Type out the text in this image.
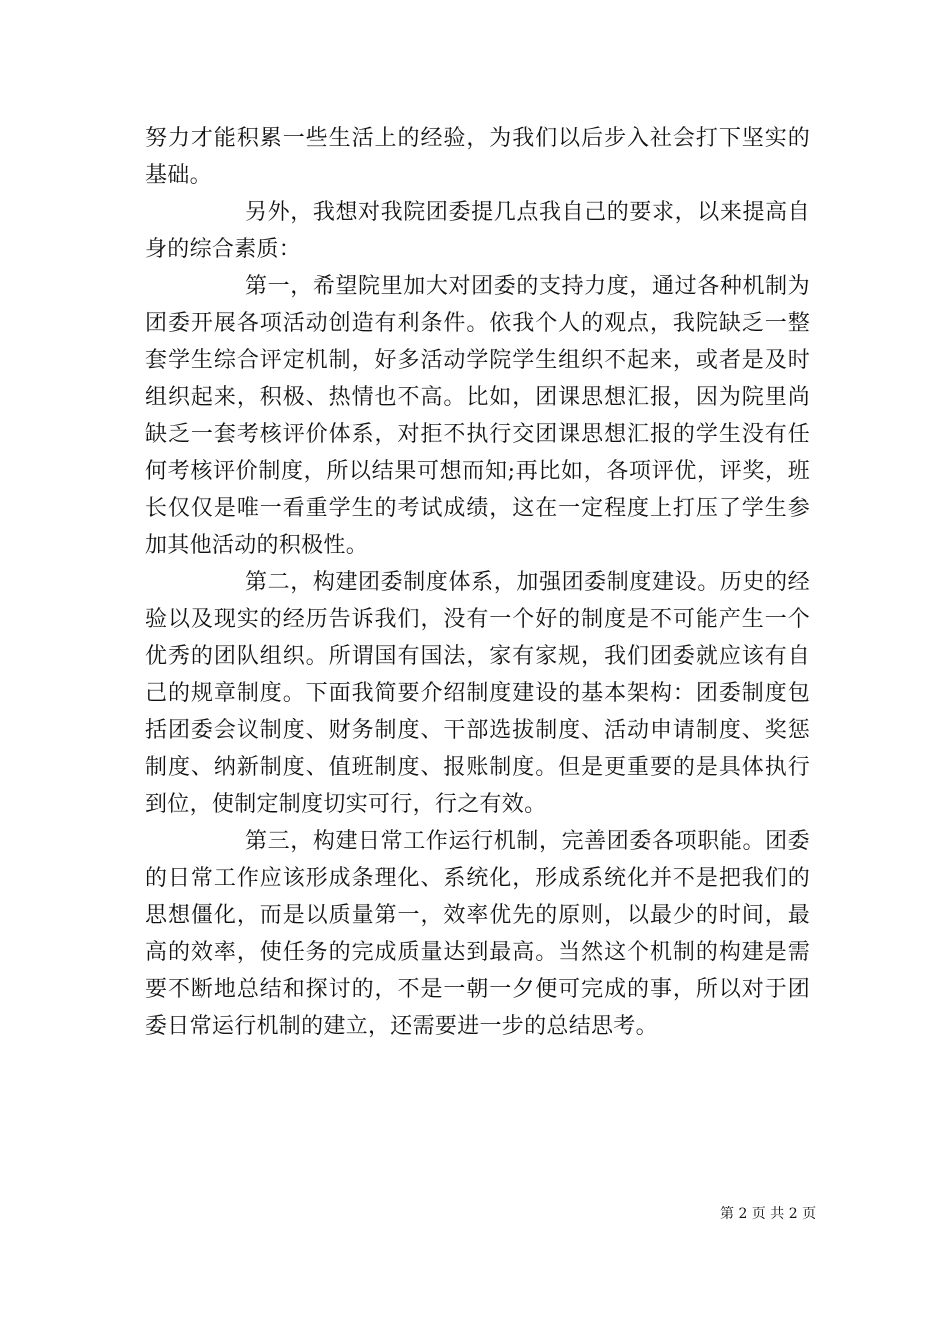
努力才能积累一些生活上的经验，为我们以后步入社会打下坚实的基础。

另外，我想对我院团委提几点我自己的要求，以来提高自身的综合素质：

第一，希望院里加大对团委的支持力度，通过各种机制为团委开展各项活动创造有利条件。依我个人的观点，我院缺乏一整套学生综合评定机制，好多活动学院学生组织不起来，或者是及时组织起来，积极、热情也不高。比如，团课思想汇报，因为院里尚缺乏一套考核评价体系，对拒不执行交团课思想汇报的学生没有任何考核评价制度，所以结果可想而知;再比如，各项评优，评奖，班长仅仅是唯一看重学生的考试成绩，这在一定程度上打压了学生参加其他活动的积极性。

第二，构建团委制度体系，加强团委制度建设。历史的经验以及现实的经历告诉我们，没有一个好的制度是不可能产生一个优秀的团队组织。所谓国有国法，家有家规，我们团委就应该有自己的规章制度。下面我简要介绍制度建设的基本架构：团委制度包括团委会议制度、财务制度、干部选拔制度、活动申请制度、奖惩制度、纳新制度、值班制度、报账制度。但是更重要的是具体执行到位，使制定制度切实可行，行之有效。

第三，构建日常工作运行机制，完善团委各项职能。团委的日常工作应该形成条理化、系统化，形成系统化并不是把我们的思想僵化，而是以质量第一，效率优先的原则，以最少的时间，最高的效率，使任务的完成质量达到最高。当然这个机制的构建是需要不断地总结和探讨的，不是一朝一夕便可完成的事，所以对于团委日常运行机制的建立，还需要进一步的总结思考。

第 2 页 共 2 页
